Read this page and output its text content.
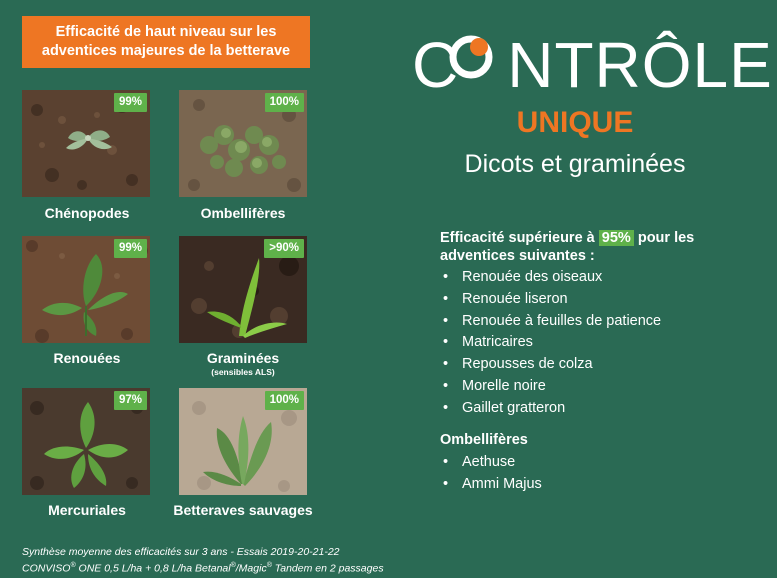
Efficacité de haut niveau sur les adventices majeures de la betterave
99%
Chénopodes
100%
Ombellifères
99%
Renouées
>90%
Graminées
(sensibles ALS)
97%
Mercuriales
100%
Betteraves sauvages
C NTRÔLE
UNIQUE
Dicots et graminées
Efficacité supérieure à 95% pour les adventices suivantes :
• Renouée des oiseaux
• Renouée liseron
• Renouée à feuilles de patience
• Matricaires
• Repousses de colza
• Morelle noire
• Gaillet gratteron
Ombellifères
• Aethuse
• Ammi Majus
Synthèse moyenne des efficacités sur 3 ans - Essais 2019-20-21-22
CONVISO® ONE 0,5 L/ha + 0,8 L/ha Betanal®/Magic® Tandem en 2 passages
